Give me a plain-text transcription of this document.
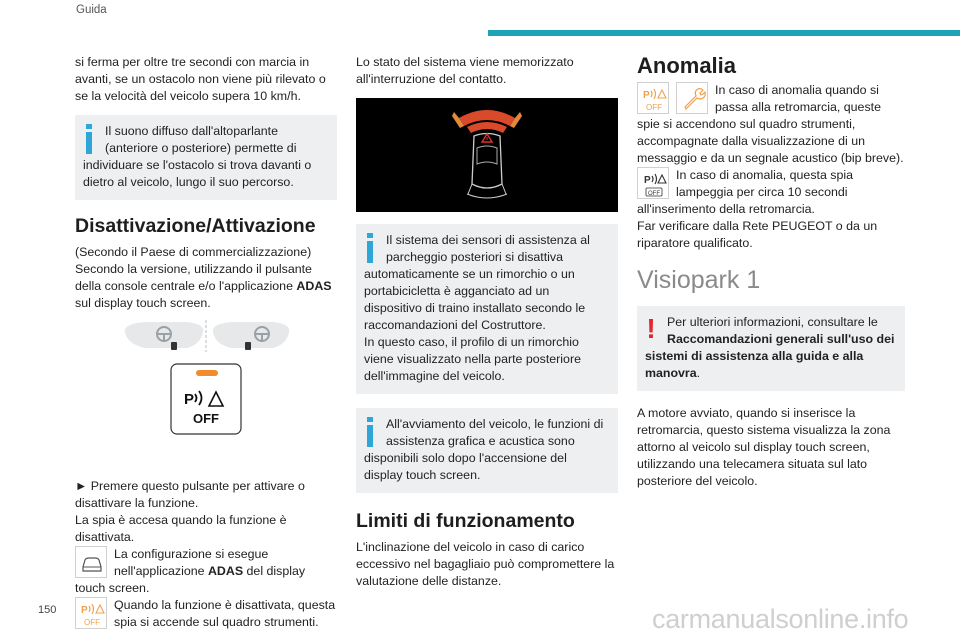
Guida

si ferma per oltre tre secondi con marcia in avanti, se un ostacolo non viene più rilevato o se la velocità del veicolo supera 10 km/h.

Il suono diffuso dall'altoparlante (anteriore o posteriore) permette di individuare se l'ostacolo si trova davanti o dietro al veicolo, lungo il suo percorso.
Disattivazione/Attivazione

(Secondo il Paese di commercializzazione)

Secondo la versione, utilizzando il pulsante della console centrale e/o l'applicazione ADAS sul display touch screen.

P
OFF

► Premere questo pulsante per attivare o disattivare la funzione.

La spia è accesa quando la funzione è disattivata.

La configurazione si esegue nell'applicazione ADAS del display touch screen.
P
OFF
Quando la funzione è disattivata, questa spia si accende sul quadro strumenti.

Lo stato del sistema viene memorizzato all'interruzione del contatto.

Il sistema dei sensori di assistenza al parcheggio posteriori si disattiva automaticamente se un rimorchio o un portabicicletta è agganciato ad un dispositivo di traino installato secondo le raccomandazioni del Costruttore.
In questo caso, il profilo di un rimorchio viene visualizzato nella parte posteriore dell'immagine del veicolo.
All'avviamento del veicolo, le funzioni di assistenza grafica e acustica sono disponibili solo dopo l'accensione del display touch screen.
Limiti di funzionamento

L'inclinazione del veicolo in caso di carico eccessivo nel bagagliaio può compromettere la valutazione delle distanze.

Anomalia
P
OFF
In caso di anomalia quando si passa alla retromarcia, queste spie si accendono sul quadro strumenti, accompagnate dalla visualizzazione di un messaggio e da un segnale acustico (bip breve).
P
OFF
In caso di anomalia, questa spia lampeggia per circa 10 secondi all'inserimento della retromarcia.

Far verificare dalla Rete PEUGEOT o da un riparatore qualificato.

Visiopark 1
! Per ulteriori informazioni, consultare le Raccomandazioni generali sull'uso dei sistemi di assistenza alla guida e alla manovra.

A motore avviato, quando si inserisce la retromarcia, questo sistema visualizza la zona attorno al veicolo sul display touch screen, utilizzando una telecamera situata sul lato posteriore del veicolo.

150	carmanualsonline.info
